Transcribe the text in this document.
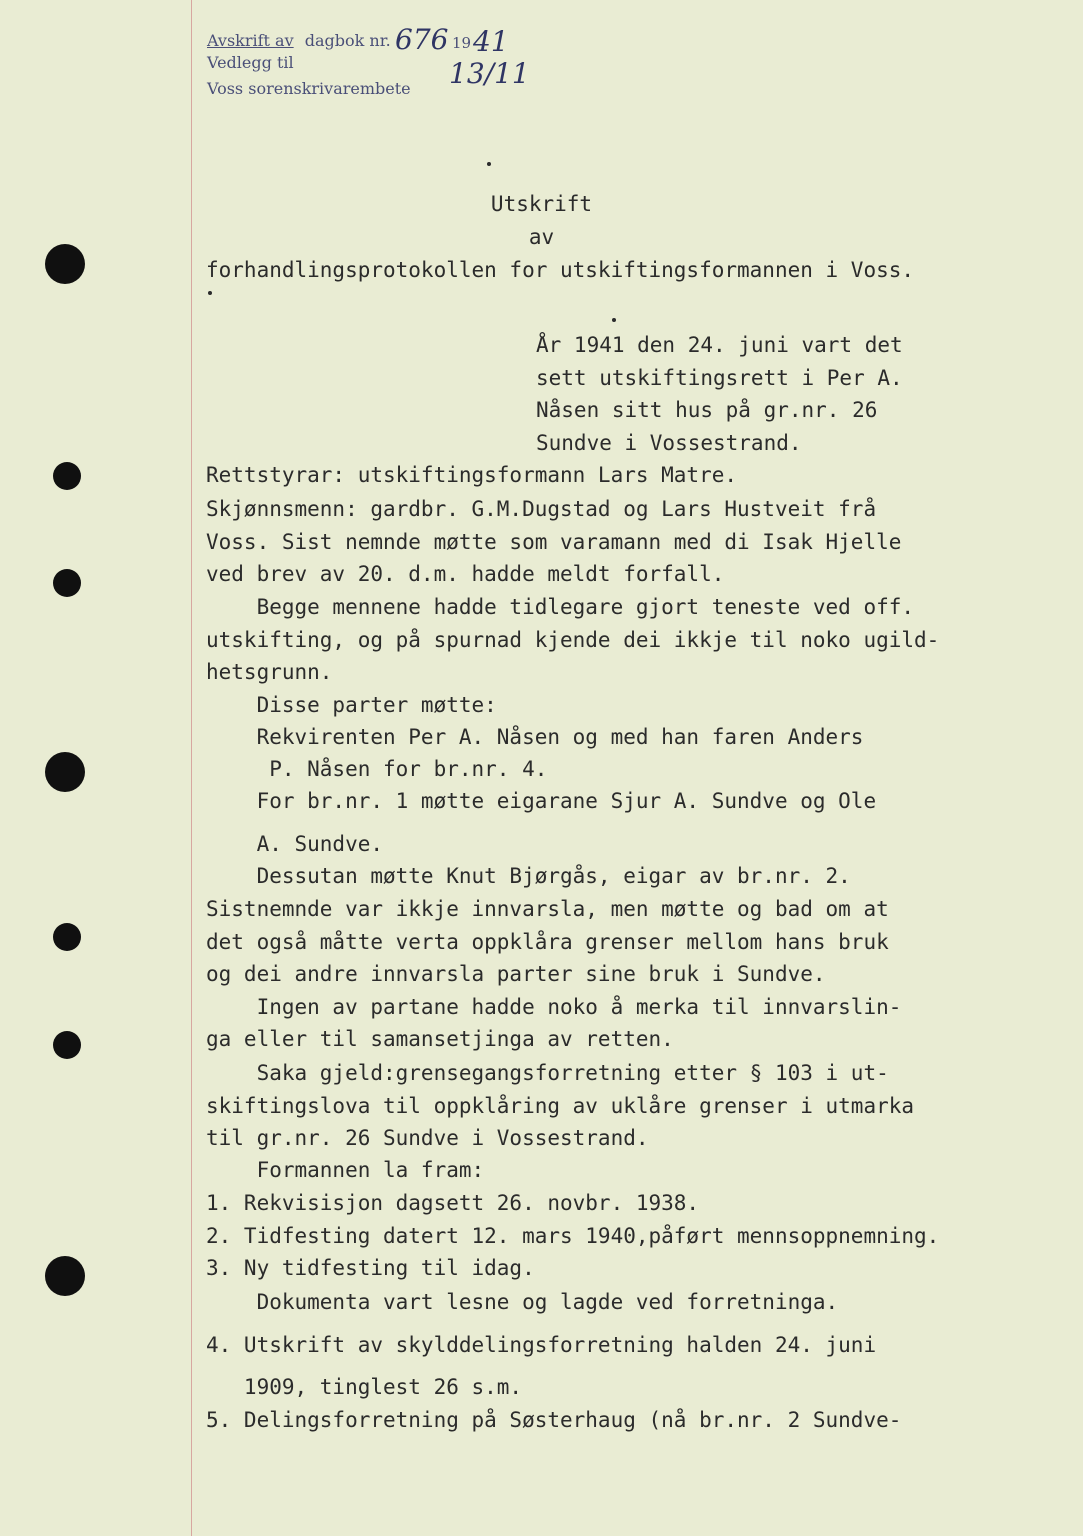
Avskrift av dagbok nr.
Vedlegg til
Voss sorenskrivarembete
676 19 41
13/11
Utskrift
av
forhandlingsprotokollen for utskiftingsformannen i Voss.
År 1941 den 24. juni vart det
sett utskiftingsrett i Per A.
Nåsen sitt hus på gr.nr. 26
Sundve i Vossestrand.
Rettstyrar: utskiftingsformann Lars Matre.
Skjønnsmenn: gardbr. G.M.Dugstad og Lars Hustveit frå
Voss. Sist nemnde møtte som varamann med di Isak Hjelle
ved brev av 20. d.m. hadde meldt forfall.
Begge mennene hadde tidlegare gjort teneste ved off.
utskifting, og på spurnad kjende dei ikkje til noko ugild-
hetsgrunn.
Disse parter møtte:
Rekvirenten Per A. Nåsen og med han faren Anders
P. Nåsen for br.nr. 4.
For br.nr. 1 møtte eigarane Sjur A. Sundve og Ole
A. Sundve.
Dessutan møtte Knut Bjørgås, eigar av br.nr. 2.
Sistnemnde var ikkje innvarsla, men møtte og bad om at
det også måtte verta oppklåra grenser mellom hans bruk
og dei andre innvarsla parter sine bruk i Sundve.
Ingen av partane hadde noko å merka til innvarslin-
ga eller til samansetjinga av retten.
Saka gjeld:grensegangsforretning etter § 103 i ut-
skiftingslova til oppklåring av uklåre grenser i utmarka
til gr.nr. 26 Sundve i Vossestrand.
Formannen la fram:
1. Rekvisisjon dagsett 26. novbr. 1938.
2. Tidfesting datert 12. mars 1940,påført mennsoppnemning.
3. Ny tidfesting til idag.
Dokumenta vart lesne og lagde ved forretninga.
4. Utskrift av skylddelingsforretning halden 24. juni
1909, tinglest 26 s.m.
5. Delingsforretning på Søsterhaug (nå br.nr. 2 Sundve-
